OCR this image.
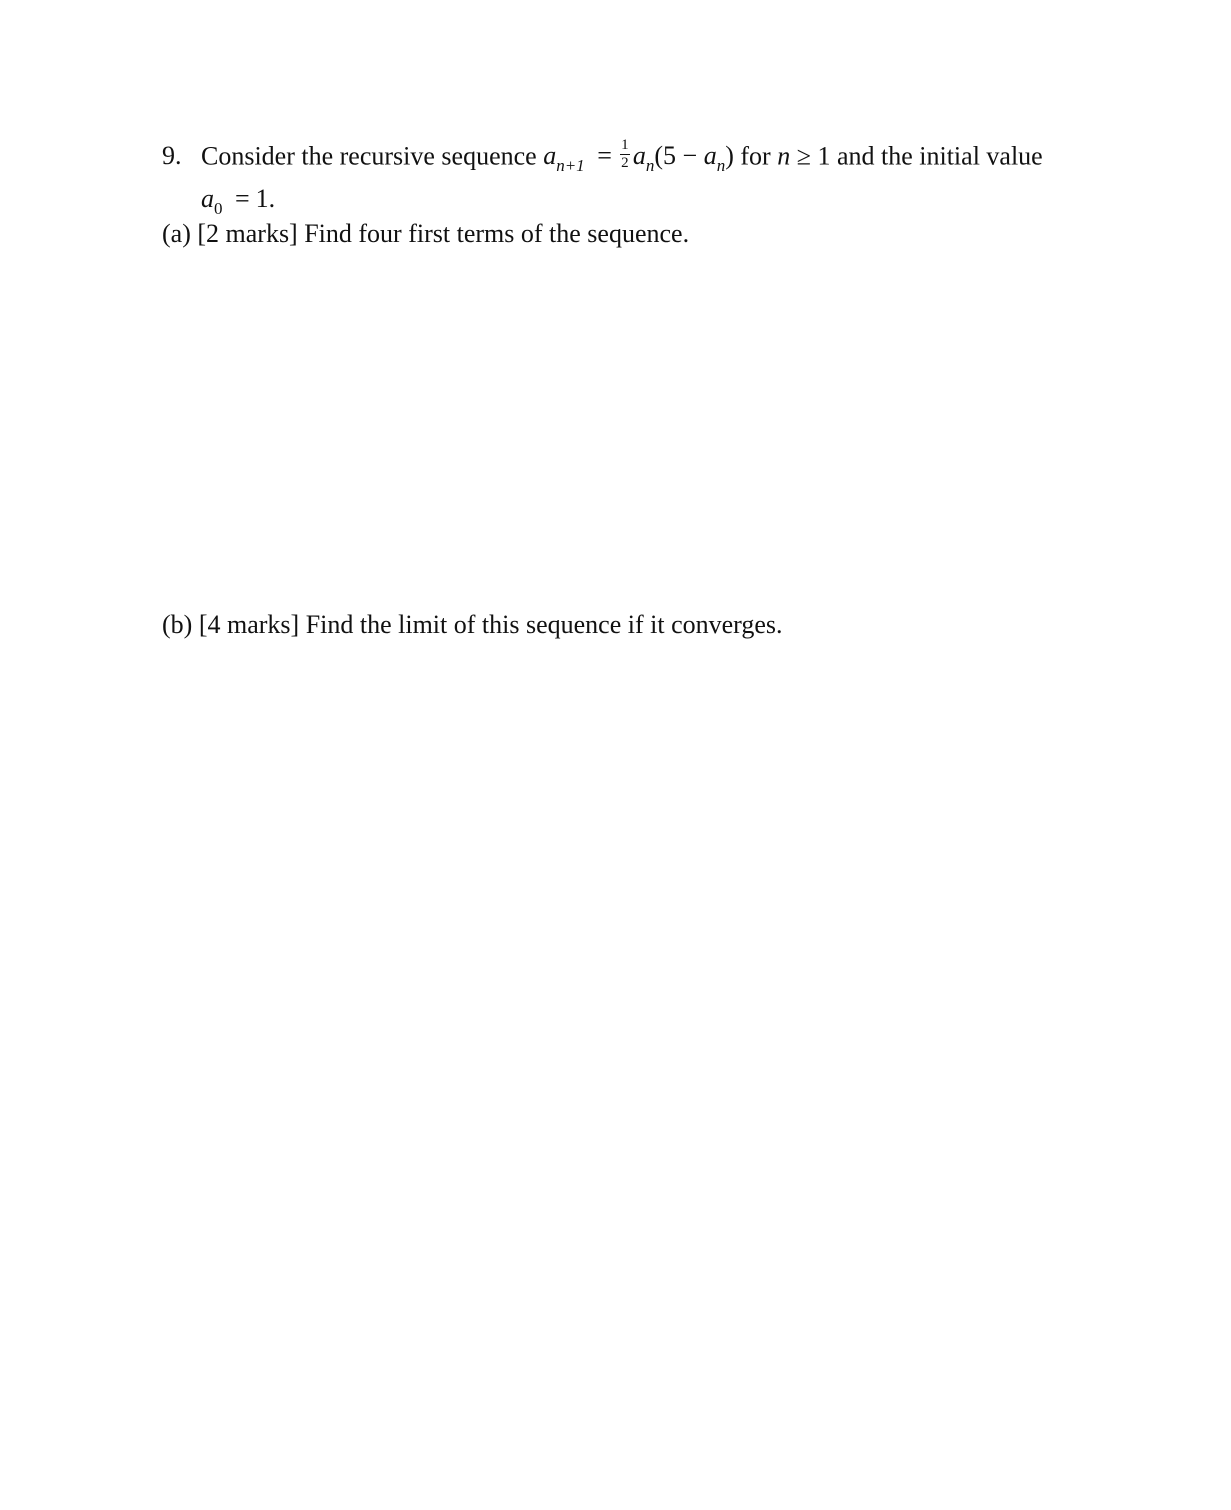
9. Consider the recursive sequence $a_{n+1} = \frac{1}{2} a_n(5 - a_n)$ for n ≥ 1 and the initial value
$a_0 = 1$.
(a) [2 marks] Find four first terms of the sequence.
(b) [4 marks] Find the limit of this sequence if it converges.
